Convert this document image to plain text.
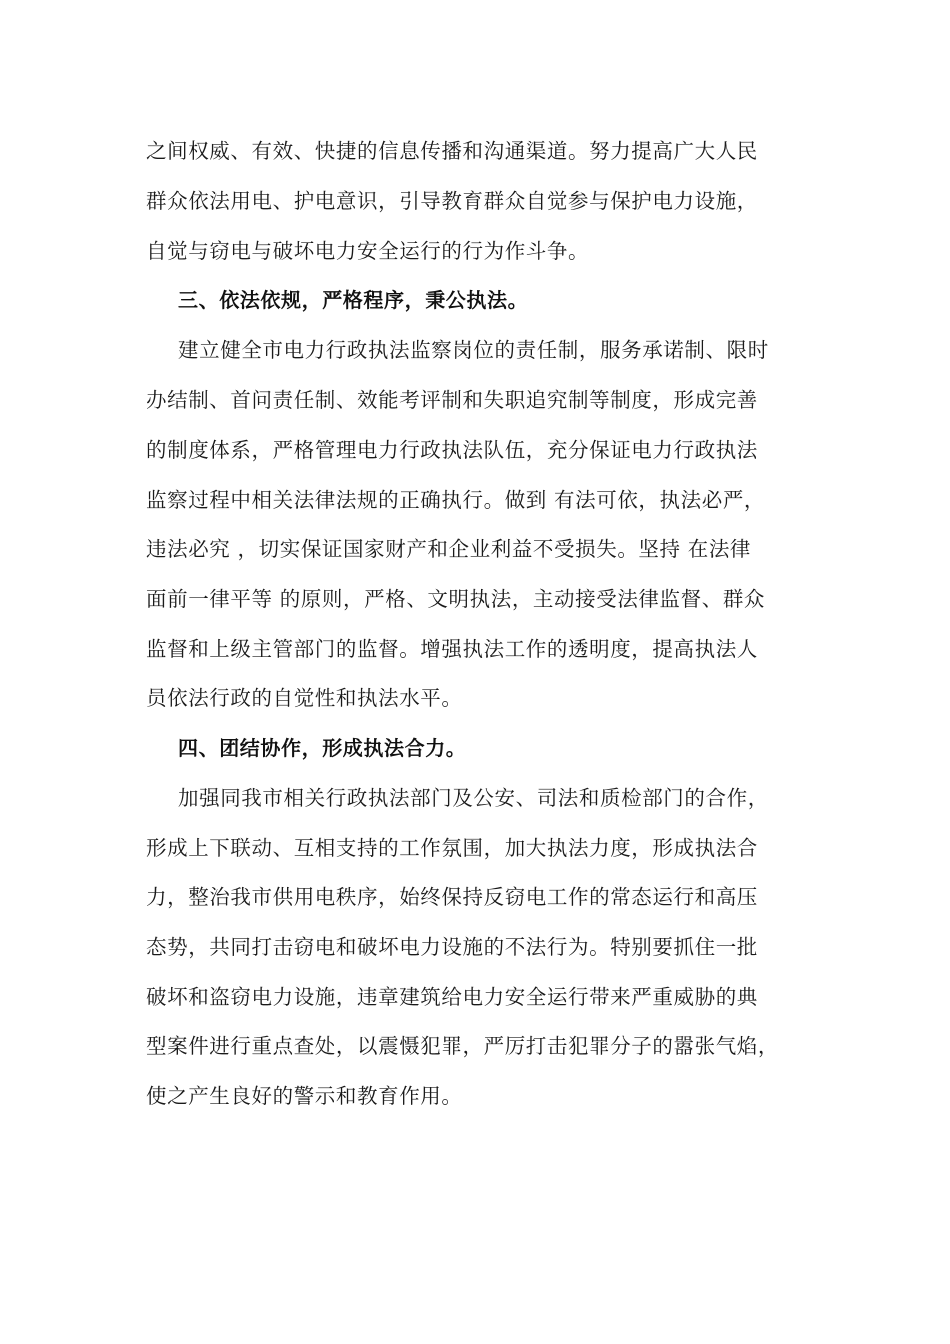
之间权威、有效、快捷的信息传播和沟通渠道。努力提高广大人民
群众依法用电、护电意识，引导教育群众自觉参与保护电力设施，
自觉与窃电与破坏电力安全运行的行为作斗争。
三、依法依规，严格程序，秉公执法。
建立健全市电力行政执法监察岗位的责任制，服务承诺制、限时
办结制、首问责任制、效能考评制和失职追究制等制度，形成完善
的制度体系，严格管理电力行政执法队伍，充分保证电力行政执法
监察过程中相关法律法规的正确执行。做到 有法可依，执法必严，
违法必究 ，切实保证国家财产和企业利益不受损失。坚持 在法律
面前一律平等 的原则，严格、文明执法，主动接受法律监督、群众
监督和上级主管部门的监督。增强执法工作的透明度，提高执法人
员依法行政的自觉性和执法水平。
四、团结协作，形成执法合力。
加强同我市相关行政执法部门及公安、司法和质检部门的合作，
形成上下联动、互相支持的工作氛围，加大执法力度，形成执法合
力，整治我市供用电秩序，始终保持反窃电工作的常态运行和高压
态势，共同打击窃电和破坏电力设施的不法行为。特别要抓住一批
破坏和盗窃电力设施，违章建筑给电力安全运行带来严重威胁的典
型案件进行重点查处，以震慑犯罪，严厉打击犯罪分子的嚣张气焰，
使之产生良好的警示和教育作用。
